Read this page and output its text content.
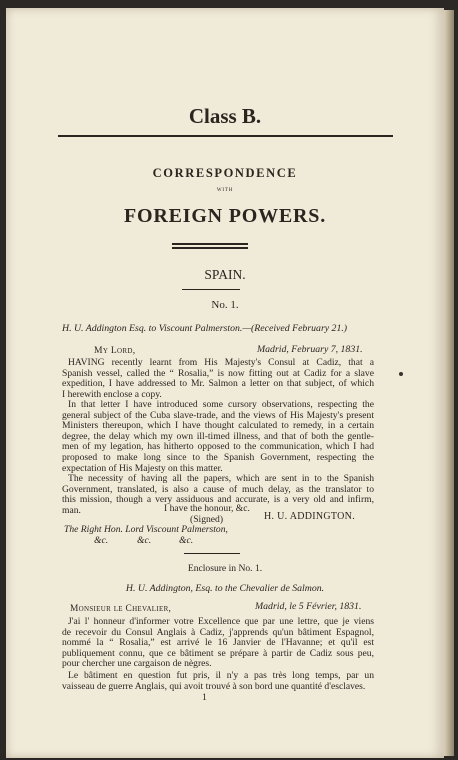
Class B.
CORRESPONDENCE
WITH
FOREIGN POWERS.
SPAIN.
No. 1.
H. U. Addington Esq. to Viscount Palmerston.—(Received February 21.)
My Lord,	Madrid, February 7, 1831.
HAVING recently learnt from His Majesty's Consul at Cadiz, that a
Spanish vessel, called the “ Rosalia,” is now fitting out at Cadiz for a slave
expedition, I have addressed to Mr. Salmon a letter on that subject, of which
I herewith enclose a copy.
In that letter I have introduced some cursory observations, respecting the
general subject of the Cuba slave-trade, and the views of His Majesty's present
Ministers thereupon, which I have thought calculated to remedy, in a certain
degree, the delay which my own ill-timed illness, and that of both the gentle-
men of my legation, has hitherto opposed to the communication, which I had
proposed to make long since to the Spanish Government, respecting the
expectation of His Majesty on this matter.
The necessity of having all the papers, which are sent in to the Spanish
Government, translated, is also a cause of much delay, as the translator to
this mission, though a very assiduous and accurate, is a very old and infirm,
man.	I have the honour, &c.
(Signed)	H. U. ADDINGTON.
The Right Hon. Lord Viscount Palmerston,
&c.	&c.	&c.
Enclosure in No. 1.
H. U. Addington, Esq. to the Chevalier de Salmon.
Monsieur le Chevalier,	Madrid, le 5 Février, 1831.
J'ai l' honneur d'informer votre Excellence que par une lettre, que je viens
de recevoir du Consul Anglais à Cadiz, j'apprends qu'un bâtiment Espagnol,
nommé la “ Rosalia,” est arrivé le 16 Janvier de l'Havanne; et qu'il est
publiquement connu, que ce bâtiment se prépare à partir de Cadiz sous peu,
pour chercher une cargaison de nègres.
Le bâtiment en question fut pris, il n'y a pas très long temps, par un
vaisseau de guerre Anglais, qui avoit trouvé à son bord une quantité d'esclaves.
1
